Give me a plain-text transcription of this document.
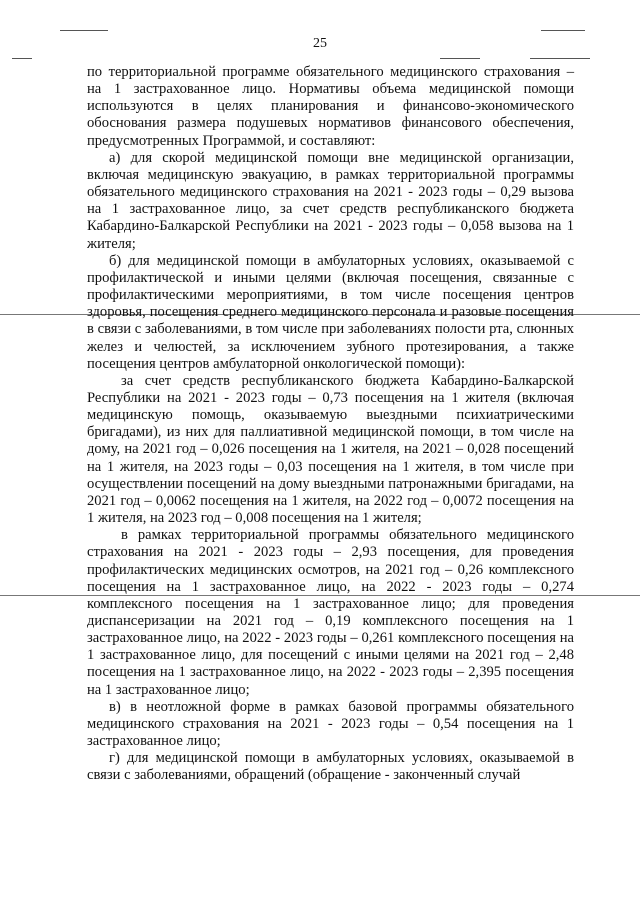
25

по территориальной программе обязательного медицинского страхования – на 1 застрахованное лицо. Нормативы объема медицинской помощи используются в целях планирования и финансово-экономического обоснования размера подушевых нормативов финансового обеспечения, предусмотренных Программой, и составляют:

а) для скорой медицинской помощи вне медицинской организации, включая медицинскую эвакуацию, в рамках территориальной программы обязательного медицинского страхования на 2021 - 2023 годы – 0,29 вызова на 1 застрахованное лицо, за счет средств республиканского бюджета Кабардино-Балкарской Республики на 2021 - 2023 годы – 0,058 вызова на 1 жителя;

б) для медицинской помощи в амбулаторных условиях, оказываемой с профилактической и иными целями (включая посещения, связанные с профилактическими мероприятиями, в том числе посещения центров здоровья, посещения среднего медицинского персонала и разовые посещения в связи с заболеваниями, в том числе при заболеваниях полости рта, слюнных желез и челюстей, за исключением зубного протезирования, а также посещения центров амбулаторной онкологической помощи):

за счет средств республиканского бюджета Кабардино-Балкарской Республики на 2021 - 2023 годы – 0,73 посещения на 1 жителя (включая медицинскую помощь, оказываемую выездными психиатрическими бригадами), из них для паллиативной медицинской помощи, в том числе на дому, на 2021 год – 0,026 посещения на 1 жителя, на 2021 – 0,028 посещений на 1 жителя, на 2023 годы – 0,03 посещения на 1 жителя, в том числе при осуществлении посещений на дому выездными патронажными бригадами, на 2021 год – 0,0062 посещения на 1 жителя, на 2022 год – 0,0072 посещения на 1 жителя, на 2023 год – 0,008 посещения на 1 жителя;

в рамках территориальной программы обязательного медицинского страхования на 2021 - 2023 годы – 2,93 посещения, для проведения профилактических медицинских осмотров, на 2021 год – 0,26 комплексного посещения на 1 застрахованное лицо, на 2022 - 2023 годы – 0,274 комплексного посещения на 1 застрахованное лицо; для проведения диспансеризации на 2021 год – 0,19 комплексного посещения на 1 застрахованное лицо, на 2022 - 2023 годы – 0,261 комплексного посещения на 1 застрахованное лицо, для посещений с иными целями на 2021 год – 2,48 посещения на 1 застрахованное лицо, на 2022 - 2023 годы – 2,395 посещения на 1 застрахованное лицо;

в) в неотложной форме в рамках базовой программы обязательного медицинского страхования на 2021 - 2023 годы – 0,54 посещения на 1 застрахованное лицо;

г) для медицинской помощи в амбулаторных условиях, оказываемой в связи с заболеваниями, обращений (обращение - законченный случай
